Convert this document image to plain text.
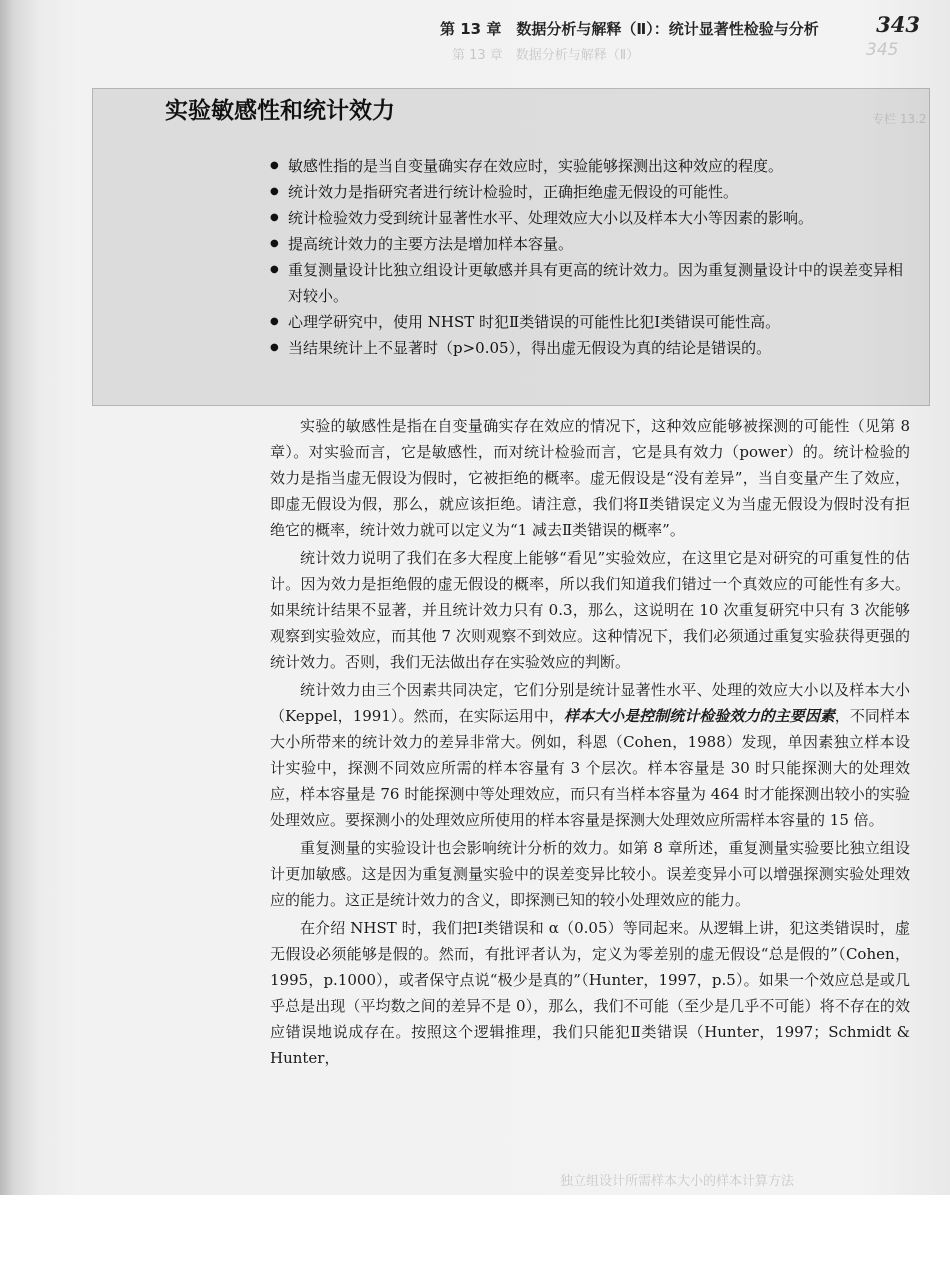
第 13 章　数据分析与解释（Ⅱ）	345
专栏 13.2
第 13 章　数据分析与解释（Ⅱ）：统计显著性检验与分析	343
实验敏感性和统计效力
● 敏感性指的是当自变量确实存在效应时，实验能够探测出这种效应的程度。
● 统计效力是指研究者进行统计检验时，正确拒绝虚无假设的可能性。
● 统计检验效力受到统计显著性水平、处理效应大小以及样本大小等因素的影响。
● 提高统计效力的主要方法是增加样本容量。
● 重复测量设计比独立组设计更敏感并具有更高的统计效力。因为重复测量设计中的误差变异相对较小。
● 心理学研究中，使用 NHST 时犯Ⅱ类错误的可能性比犯Ⅰ类错误可能性高。
● 当结果统计上不显著时（p>0.05），得出虚无假设为真的结论是错误的。

实验的敏感性是指在自变量确实存在效应的情况下，这种效应能够被探测的可能性（见第 8 章）。对实验而言，它是敏感性，而对统计检验而言，它是具有效力（power）的。统计检验的效力是指当虚无假设为假时，它被拒绝的概率。虚无假设是“没有差异”，当自变量产生了效应，即虚无假设为假，那么，就应该拒绝。请注意，我们将Ⅱ类错误定义为当虚无假设为假时没有拒绝它的概率，统计效力就可以定义为“1 减去Ⅱ类错误的概率”。

统计效力说明了我们在多大程度上能够“看见”实验效应，在这里它是对研究的可重复性的估计。因为效力是拒绝假的虚无假设的概率，所以我们知道我们错过一个真效应的可能性有多大。如果统计结果不显著，并且统计效力只有 0.3，那么，这说明在 10 次重复研究中只有 3 次能够观察到实验效应，而其他 7 次则观察不到效应。这种情况下，我们必须通过重复实验获得更强的统计效力。否则，我们无法做出存在实验效应的判断。

统计效力由三个因素共同决定，它们分别是统计显著性水平、处理的效应大小以及样本大小（Keppel，1991）。然而，在实际运用中，样本大小是控制统计检验效力的主要因素，不同样本大小所带来的统计效力的差异非常大。例如，科恩（Cohen，1988）发现，单因素独立样本设计实验中，探测不同效应所需的样本容量有 3 个层次。样本容量是 30 时只能探测大的处理效应，样本容量是 76 时能探测中等处理效应，而只有当样本容量为 464 时才能探测出较小的实验处理效应。要探测小的处理效应所使用的样本容量是探测大处理效应所需样本容量的 15 倍。

重复测量的实验设计也会影响统计分析的效力。如第 8 章所述，重复测量实验要比独立组设计更加敏感。这是因为重复测量实验中的误差变异比较小。误差变异小可以增强探测实验处理效应的能力。这正是统计效力的含义，即探测已知的较小处理效应的能力。

在介绍 NHST 时，我们把Ⅰ类错误和 α（0.05）等同起来。从逻辑上讲，犯这类错误时，虚无假设必须能够是假的。然而，有批评者认为，定义为零差别的虚无假设“总是假的”（Cohen，1995，p.1000），或者保守点说“极少是真的”（Hunter，1997，p.5）。如果一个效应总是或几乎总是出现（平均数之间的差异不是 0），那么，我们不可能（至少是几乎不可能）将不存在的效应错误地说成存在。按照这个逻辑推理，我们只能犯Ⅱ类错误（Hunter，1997；Schmidt & Hunter，

独立组设计所需样本大小的样本计算方法
